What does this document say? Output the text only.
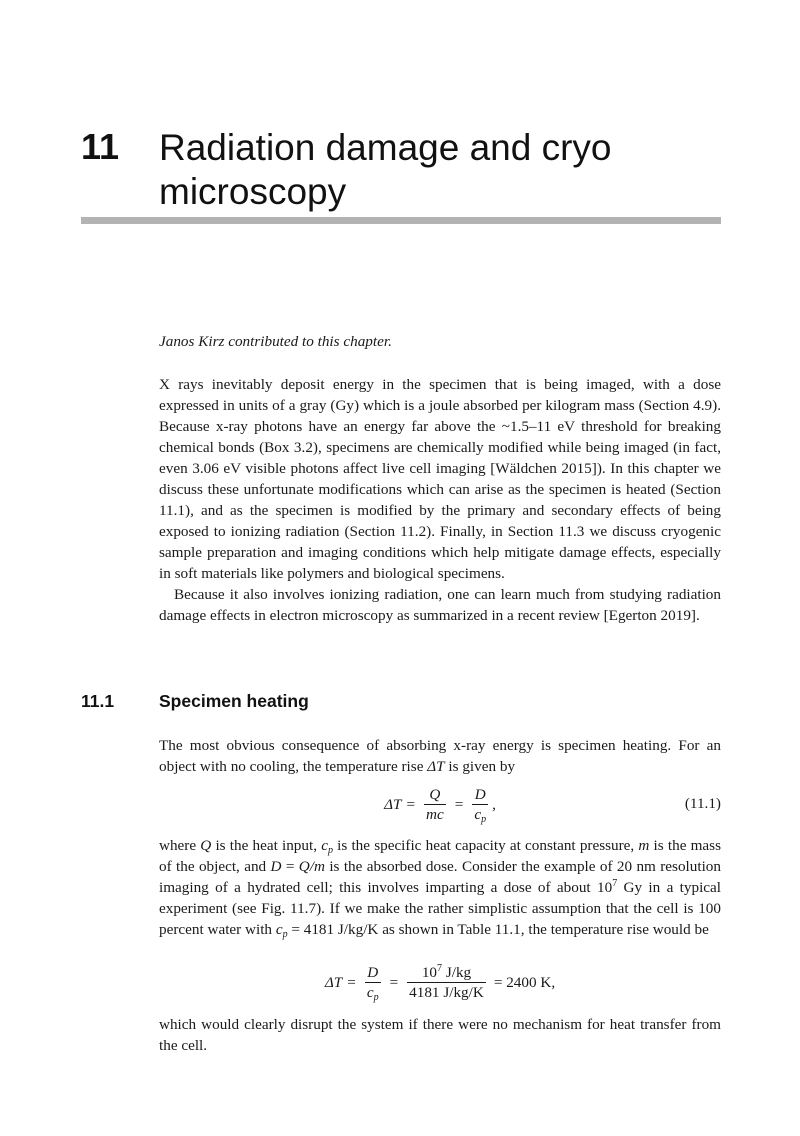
11 Radiation damage and cryo
microscopy
Janos Kirz contributed to this chapter.

X rays inevitably deposit energy in the specimen that is being imaged, with a dose expressed in units of a gray (Gy) which is a joule absorbed per kilogram mass (Section 4.9). Because x-ray photons have an energy far above the ~1.5–11 eV threshold for breaking chemical bonds (Box 3.2), specimens are chemically modified while being imaged (in fact, even 3.06 eV visible photons affect live cell imaging [Wäldchen 2015]). In this chapter we discuss these unfortunate modifications which can arise as the specimen is heated (Section 11.1), and as the specimen is modified by the primary and secondary effects of being exposed to ionizing radiation (Section 11.2). Finally, in Section 11.3 we discuss cryogenic sample preparation and imaging conditions which help mitigate damage effects, especially in soft materials like polymers and biological specimens.

Because it also involves ionizing radiation, one can learn much from studying radiation damage effects in electron microscopy as summarized in a recent review [Egerton 2019].

11.1	Specimen heating
The most obvious consequence of absorbing x-ray energy is specimen heating. For an object with no cooling, the temperature rise ΔT is given by
$\Delta T = \frac{Q}{mc} = \frac{D}{c_p}$ ,	(11.1)
where Q is the heat input, $c_p$ is the specific heat capacity at constant pressure, m is the mass of the object, and D = Q/m is the absorbed dose. Consider the example of 20 nm resolution imaging of a hydrated cell; this involves imparting a dose of about $10^7$ Gy in a typical experiment (see Fig. 11.7). If we make the rather simplistic assumption that the cell is 100 percent water with $c_p = 4181$ J/kg/K as shown in Table 11.1, the temperature rise would be
$\Delta T = \frac{D}{c_p} = \frac{10^7 J/kg}{4181 J/kg/K} = 2400$ K,
which would clearly disrupt the system if there were no mechanism for heat transfer from the cell.
